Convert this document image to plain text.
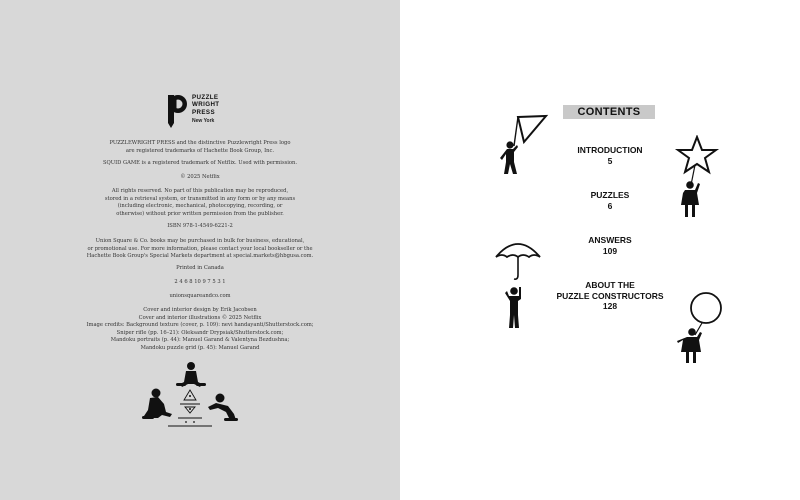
PUZZLE
WRIGHT
PRESS
New York
PUZZLEWRIGHT PRESS and the distinctive Puzzlewright Press logo
are registered trademarks of Hachette Book Group, Inc.
SQUID GAME is a registered trademark of Netflix. Used with permission.
© 2025 Netflix
All rights reserved. No part of this publication may be reproduced,
stored in a retrieval system, or transmitted in any form or by any means
(including electronic, mechanical, photocopying, recording, or
otherwise) without prior written permission from the publisher.
ISBN 978-1-4549-6221-2
Union Square & Co. books may be purchased in bulk for business, educational,
or promotional use. For more information, please contact your local bookseller or the
Hachette Book Group's Special Markets department at special.markets@hbgusa.com.
Printed in Canada
2 4 6 8 10 9 7 5 3 1
unionsquareandco.com
Cover and interior design by Erik Jacobsen
Cover and interior illustrations © 2025 Netflix
Image credits: Background texture (cover, p. 109): nevi handayanti/Shutterstock.com;
Sniper rifle (pp. 16–21): Oleksandr Drypsiak/Shutterstock.com;
Mandoku portraits (p. 44): Manuel Garand & Valentyna Bezdushna;
Mandoku puzzle grid (p. 45): Manuel Garand
CONTENTS
INTRODUCTION
5
PUZZLES
6
ANSWERS
109
ABOUT THE
PUZZLE CONSTRUCTORS
128
